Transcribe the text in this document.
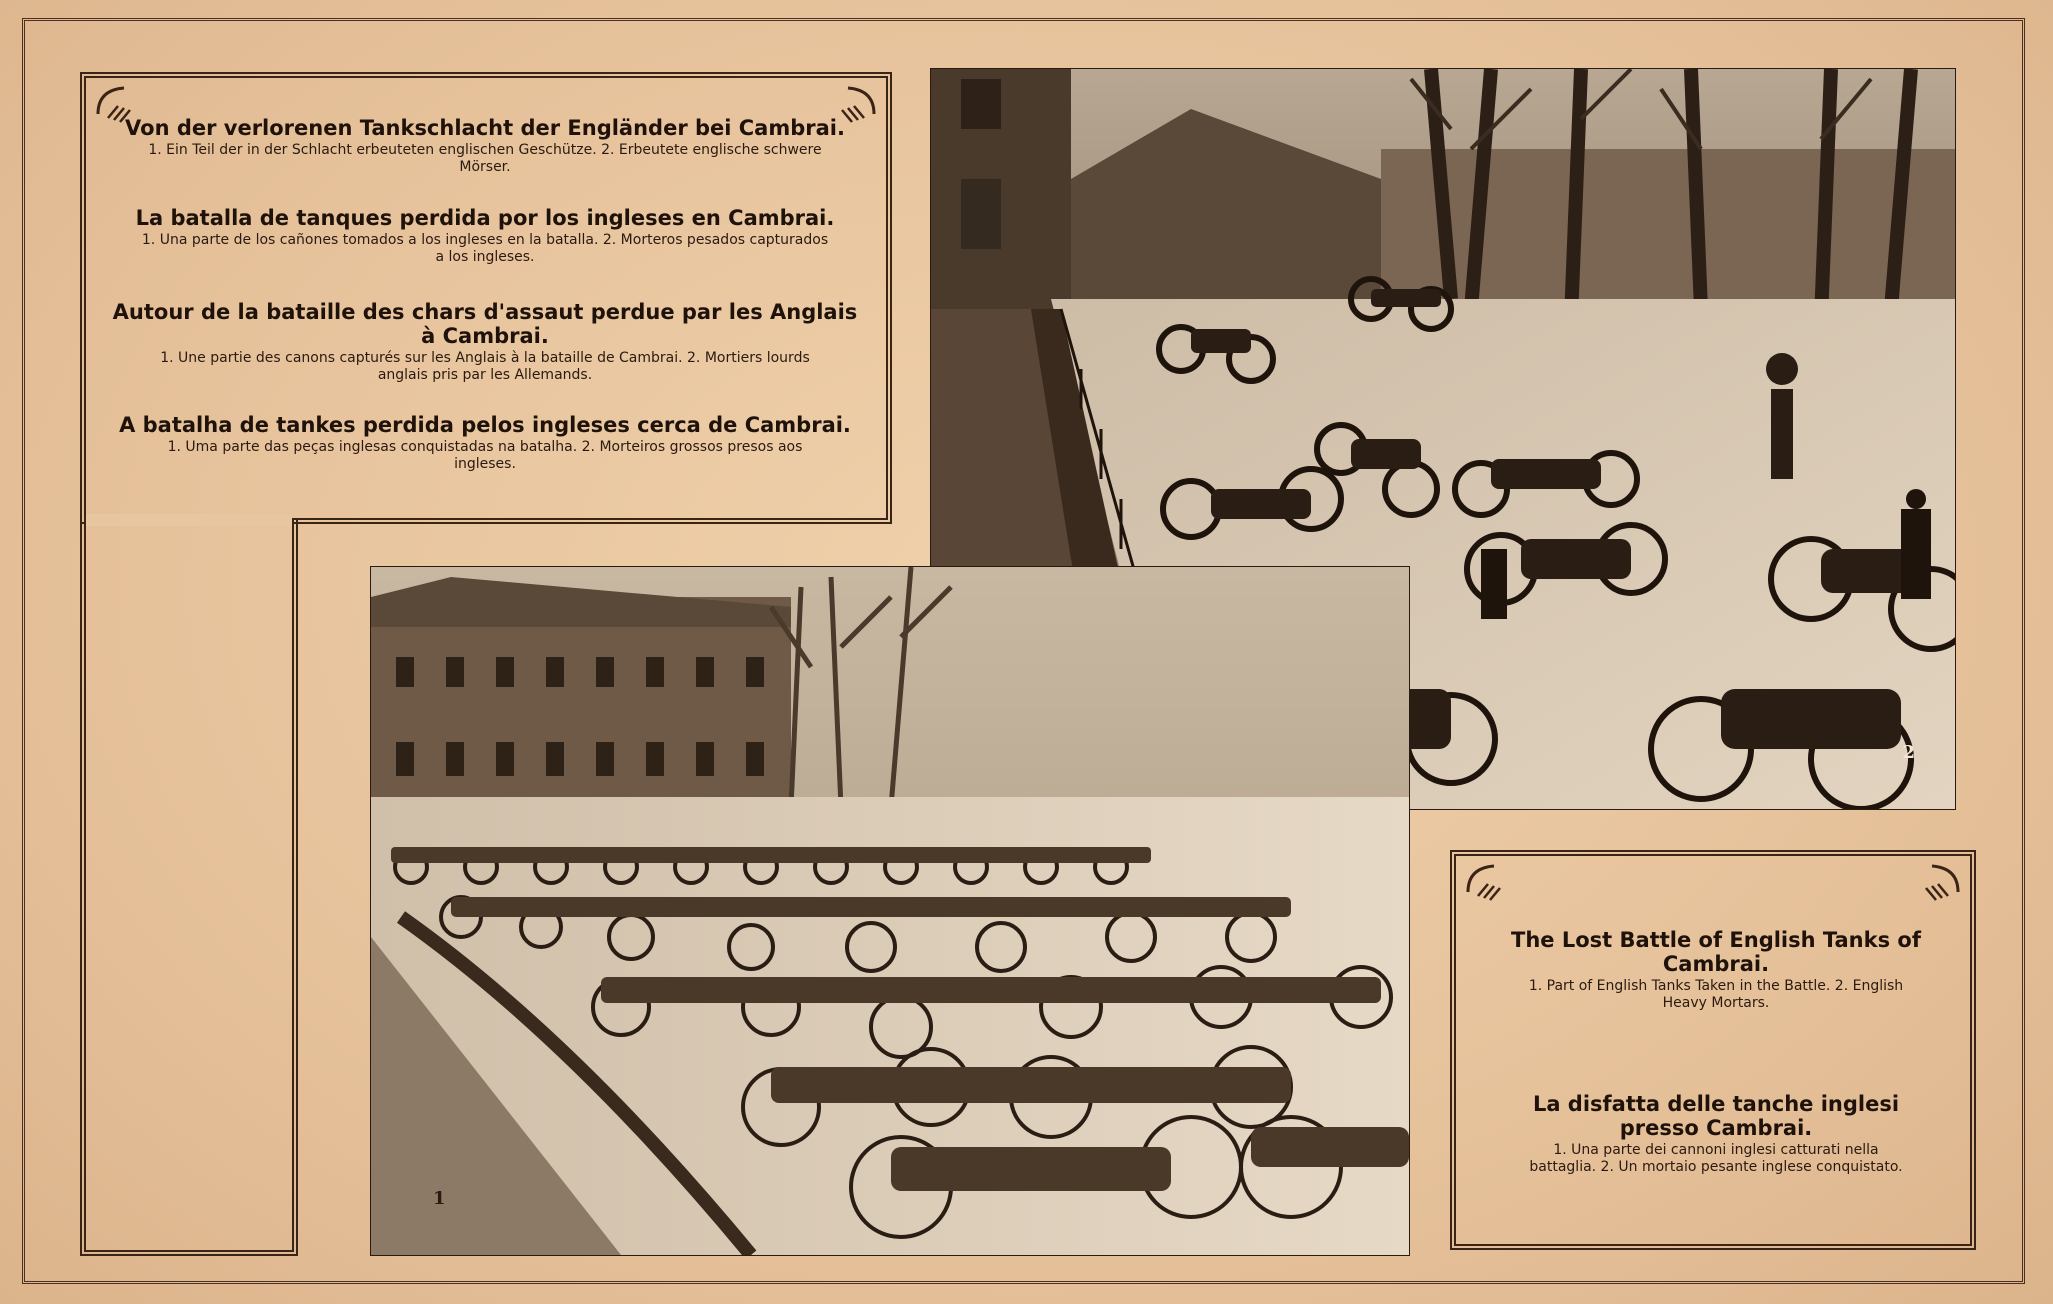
Von der verlorenen Tankschlacht der Engländer bei Cambrai.

1. Ein Teil der in der Schlacht erbeuteten englischen Geschütze. 2. Erbeutete englische schwere Mörser.

La batalla de tanques perdida por los ingleses en Cambrai.

1. Una parte de los cañones tomados a los ingleses en la batalla. 2. Morteros pesados capturados a los ingleses.

Autour de la bataille des chars d'assaut perdue par les Anglais à Cambrai.

1. Une partie des canons capturés sur les Anglais à la bataille de Cambrai. 2. Mortiers lourds anglais pris par les Allemands.

A batalha de tankes perdida pelos ingleses cerca de Cambrai.

1. Uma parte das peças inglesas conquistadas na batalha. 2. Morteiros grossos presos aos ingleses.

2
1

The Lost Battle of English Tanks of Cambrai.

1. Part of English Tanks Taken in the Battle. 2. English Heavy Mortars.

La disfatta delle tanche inglesi presso Cambrai.

1. Una parte dei cannoni inglesi catturati nella battaglia. 2. Un mortaio pesante inglese conquistato.
